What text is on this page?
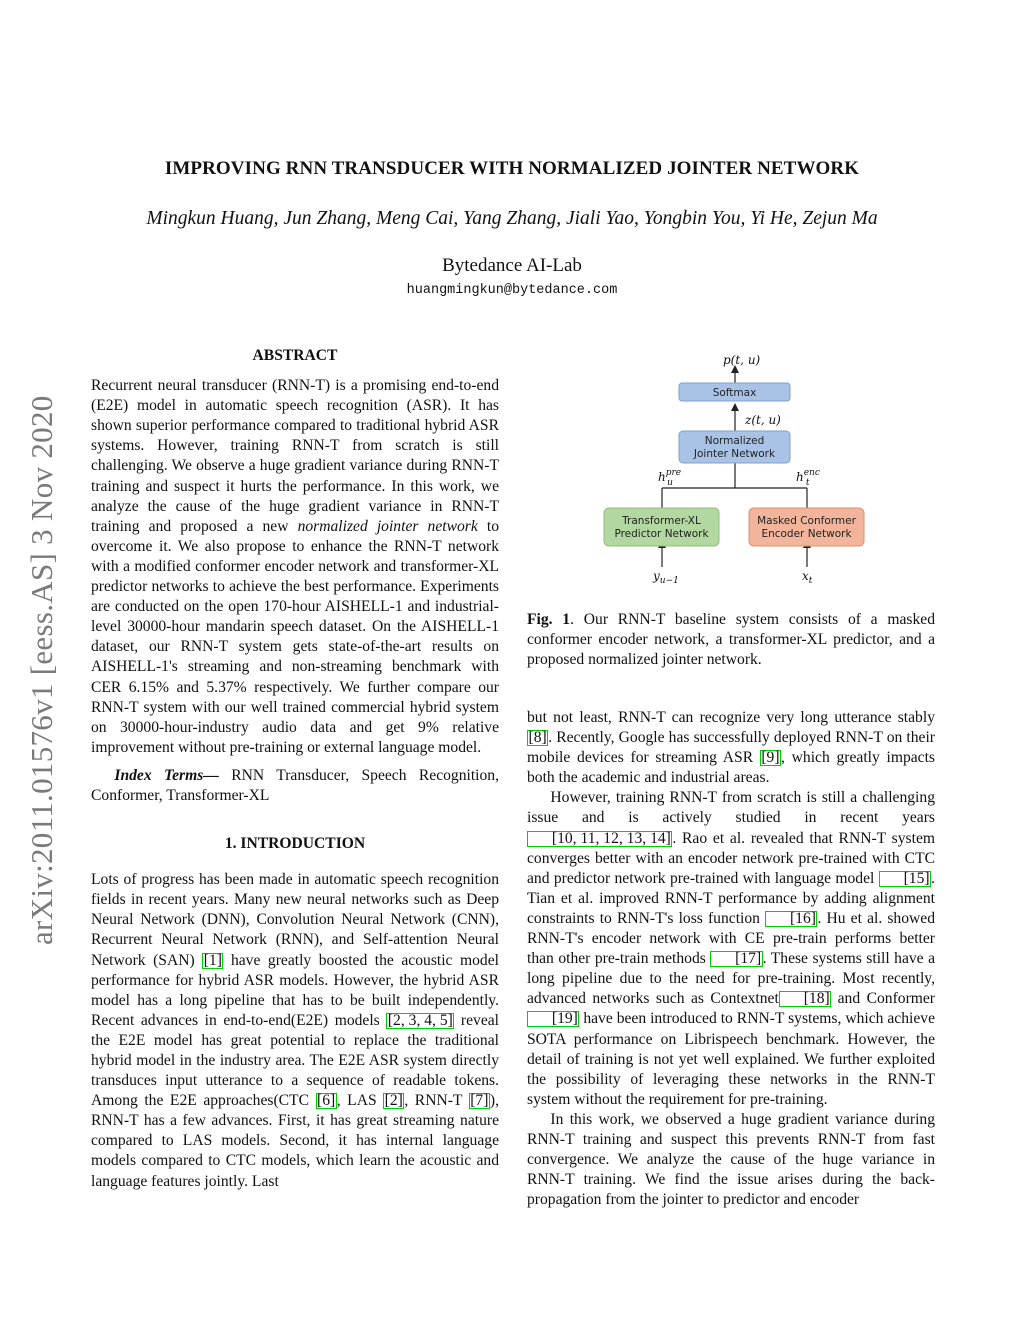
arXiv:2011.01576v1 [eess.AS] 3 Nov 2020
IMPROVING RNN TRANSDUCER WITH NORMALIZED JOINTER NETWORK
Mingkun Huang, Jun Zhang, Meng Cai, Yang Zhang, Jiali Yao, Yongbin You, Yi He, Zejun Ma
Bytedance AI-Lab
huangmingkun@bytedance.com

ABSTRACT

Recurrent neural transducer (RNN-T) is a promising end-to-end (E2E) model in automatic speech recognition (ASR). It has shown superior performance compared to traditional hybrid ASR systems. However, training RNN-T from scratch is still challenging. We observe a huge gradient variance during RNN-T training and suspect it hurts the performance. In this work, we analyze the cause of the huge gradient variance in RNN-T training and proposed a new normalized jointer network to overcome it. We also propose to enhance the RNN-T network with a modified conformer encoder network and transformer-XL predictor networks to achieve the best performance. Experiments are conducted on the open 170-hour AISHELL-1 and industrial-level 30000-hour mandarin speech dataset. On the AISHELL-1 dataset, our RNN-T system gets state-of-the-art results on AISHELL-1's streaming and non-streaming benchmark with CER 6.15% and 5.37% respectively. We further compare our RNN-T system with our well trained commercial hybrid system on 30000-hour-industry audio data and get 9% relative improvement without pre-training or external language model.

Index Terms— RNN Transducer, Speech Recognition, Conformer, Transformer-XL

1. INTRODUCTION

Lots of progress has been made in automatic speech recognition fields in recent years. Many new neural networks such as Deep Neural Network (DNN), Convolution Neural Network (CNN), Recurrent Neural Network (RNN), and Self-attention Neural Network (SAN) [1] have greatly boosted the acoustic model performance for hybrid ASR models. However, the hybrid ASR model has a long pipeline that has to be built independently. Recent advances in end-to-end(E2E) models [2, 3, 4, 5] reveal the E2E model has great potential to replace the traditional hybrid model in the industry area. The E2E ASR system directly transduces input utterance to a sequence of readable tokens. Among the E2E approaches(CTC [6], LAS [2], RNN-T [7]), RNN-T has a few advances. First, it has great streaming nature compared to LAS models. Second, it has internal language models compared to CTC models, which learn the acoustic and language features jointly. Last

Softmax
Normalized
Jointer Network
Transformer-XL
Predictor Network
Masked Conformer
Encoder Network
p(t, u)
z(t, u)
$h^{pre}$ u	$h^{enc}$ t
$y_{u-1}$	$x_t$
Fig. 1. Our RNN-T baseline system consists of a masked conformer encoder network, a transformer-XL predictor, and a proposed normalized jointer network.

but not least, RNN-T can recognize very long utterance stably [8]. Recently, Google has successfully deployed RNN-T on their mobile devices for streaming ASR [9], which greatly impacts both the academic and industrial areas.

However, training RNN-T from scratch is still a challenging issue and is actively studied in recent years [10, 11, 12, 13, 14]. Rao et al. revealed that RNN-T system converges better with an encoder network pre-trained with CTC and predictor network pre-trained with language model [15]. Tian et al. improved RNN-T performance by adding alignment constraints to RNN-T's loss function [16]. Hu et al. showed RNN-T's encoder network with CE pre-train performs better than other pre-train methods [17]. These systems still have a long pipeline due to the need for pre-training. Most recently, advanced networks such as Contextnet [18] and Conformer[19] have been introduced to RNN-T systems, which achieve SOTA performance on Librispeech benchmark. However, the detail of training is not yet well explained. We further exploited the possibility of leveraging these networks in the RNN-T system without the requirement for pre-training.

In this work, we observed a huge gradient variance during RNN-T training and suspect this prevents RNN-T from fast convergence. We analyze the cause of the huge variance in RNN-T training. We find the issue arises during the back-propagation from the jointer to predictor and encoder
